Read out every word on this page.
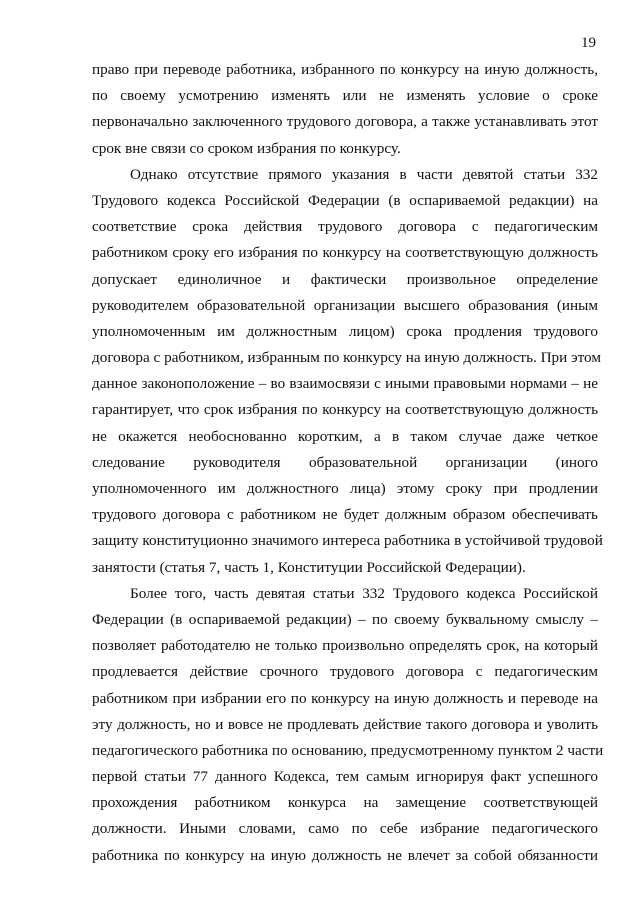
19

право при переводе работника, избранного по конкурсу на иную должность,
по своему усмотрению изменять или не изменять условие о сроке
первоначально заключенного трудового договора, а также устанавливать этот
срок вне связи со сроком избрания по конкурсу.
Однако отсутствие прямого указания в части девятой статьи 332
Трудового кодекса Российской Федерации (в оспариваемой редакции) на
соответствие срока действия трудового договора с педагогическим
работником сроку его избрания по конкурсу на соответствующую должность
допускает единоличное и фактически произвольное определение
руководителем образовательной организации высшего образования (иным
уполномоченным им должностным лицом) срока продления трудового
договора с работником, избранным по конкурсу на иную должность. При этом
данное законоположение – во взаимосвязи с иными правовыми нормами – не
гарантирует, что срок избрания по конкурсу на соответствующую должность
не окажется необоснованно коротким, а в таком случае даже четкое
следование руководителя образовательной организации (иного
уполномоченного им должностного лица) этому сроку при продлении
трудового договора с работником не будет должным образом обеспечивать
защиту конституционно значимого интереса работника в устойчивой трудовой
занятости (статья 7, часть 1, Конституции Российской Федерации).
Более того, часть девятая статьи 332 Трудового кодекса Российской
Федерации (в оспариваемой редакции) – по своему буквальному смыслу –
позволяет работодателю не только произвольно определять срок, на который
продлевается действие срочного трудового договора с педагогическим
работником при избрании его по конкурсу на иную должность и переводе на
эту должность, но и вовсе не продлевать действие такого договора и уволить
педагогического работника по основанию, предусмотренному пунктом 2 части
первой статьи 77 данного Кодекса, тем самым игнорируя факт успешного
прохождения работником конкурса на замещение соответствующей
должности. Иными словами, само по себе избрание педагогического
работника по конкурсу на иную должность не влечет за собой обязанности
